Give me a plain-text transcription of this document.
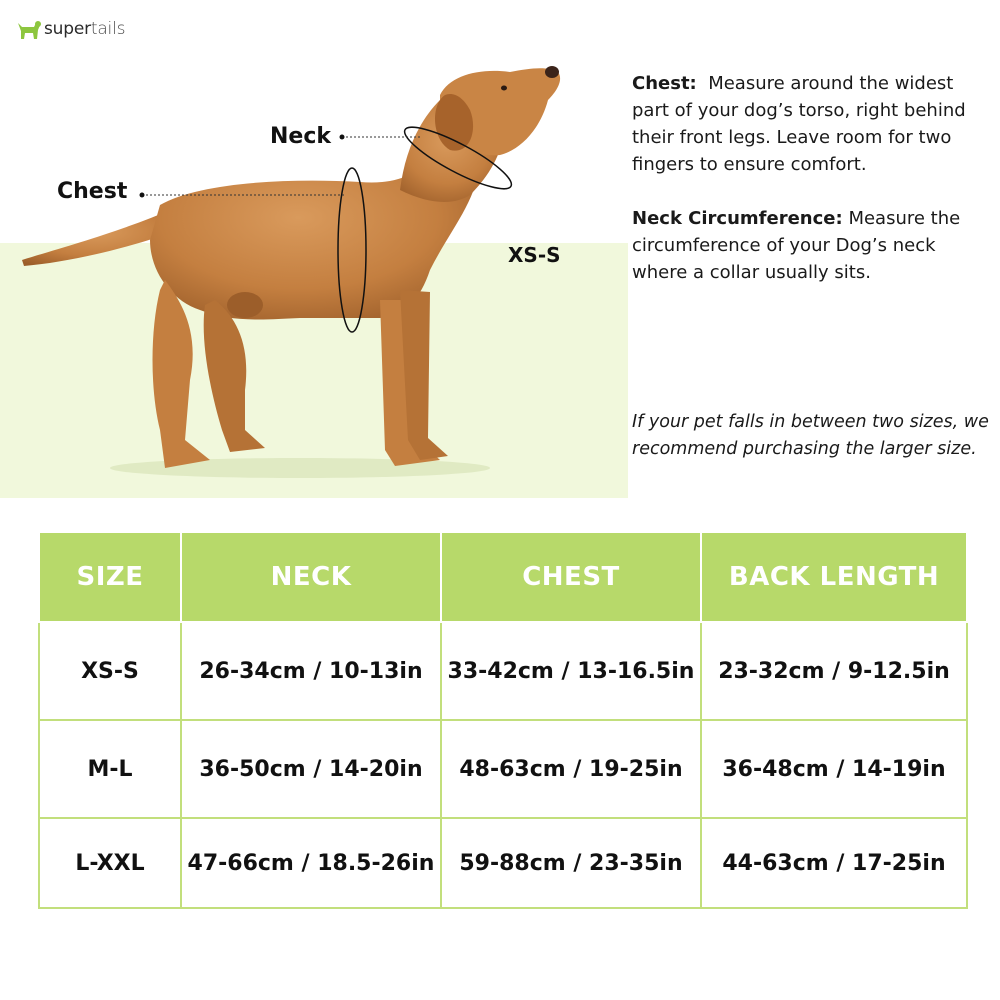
supertails
Neck
Chest
XS-S
Chest: Measure around the widest part of your dog’s torso, right behind their front legs. Leave room for two fingers to ensure comfort.
Neck Circumference: Measure the circumference of your Dog’s neck where a collar usually sits.
If your pet falls in between two sizes, we recommend purchasing the larger size.
SIZE	NECK	CHEST	BACK LENGTH
XS-S	26-34cm / 10-13in	33-42cm / 13-16.5in	23-32cm / 9-12.5in
M-L	36-50cm / 14-20in	48-63cm / 19-25in	36-48cm / 14-19in
L-XXL	47-66cm / 18.5-26in	59-88cm / 23-35in	44-63cm / 17-25in
